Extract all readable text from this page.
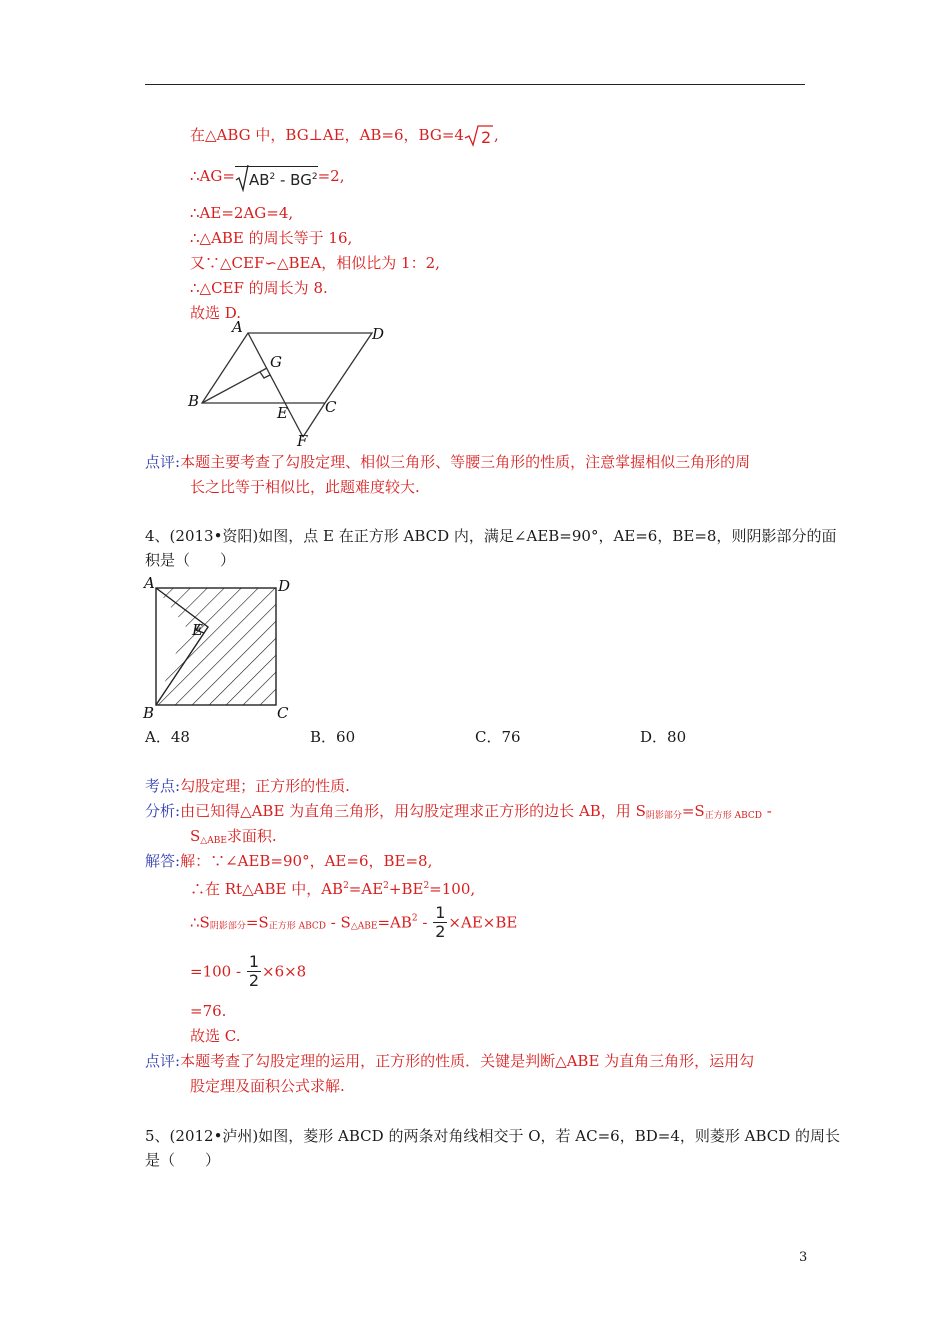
在△ABG 中，BG⊥AE，AB=6，BG=4 2 ,
∴AG= $AB^2 - BG^2=2$,
∴AE=2AG=4,
∴△ABE 的周长等于 16,
又∵△CEF∽△BEA，相似比为 1：2,
∴△CEF 的周长为 8.
故选 D.
A	D
G
B
E C
F
点评:本题主要考查了勾股定理、相似三角形、等腰三角形的性质，注意掌握相似三角形的周
长之比等于相似比，此题难度较大.
4、(2013•资阳)如图，点 E 在正方形 ABCD 内，满足∠AEB=90°，AE=6，BE=8，则阴影部分的面
积是（　　）
A	D
E
B	C
A．48	B．60	C．76	D．80
考点:勾股定理；正方形的性质.
分析:由已知得△ABE 为直角三角形，用勾股定理求正方形的边长 AB，用 $S_{阴影部分}=S_{正方形 ABCD}$ -
$S_{\triangle ABE}$求面积.
解答:解：∵∠AEB=90°，AE=6，BE=8,
∴在 Rt△ABE 中，$AB^2=AE^2+BE^2=100$,
$\therefore S_{阴影部分}=S_{正方形 ABCD} - S_{\triangle ABE}=AB^2 - \frac{1}{2} \times AE\times BE$
$=100 - \frac{1}{2} \times 6\times 8$
=76.
故选 C.
点评:本题考查了勾股定理的运用，正方形的性质．关键是判断△ABE 为直角三角形，运用勾
股定理及面积公式求解.
5、(2012•泸州)如图，菱形 ABCD 的两条对角线相交于 O，若 AC=6，BD=4，则菱形 ABCD 的周长
是（　　）
3
